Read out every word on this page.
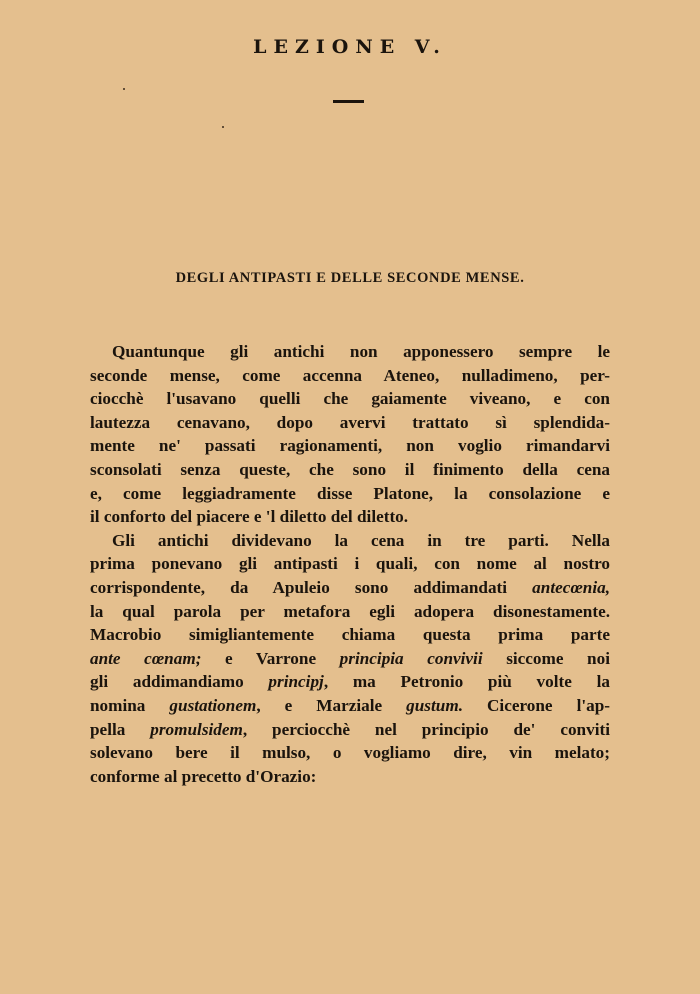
LEZIONE V.
DEGLI ANTIPASTI E DELLE SECONDE MENSE.
Quantunque gli antichi non apponessero sempre le
seconde mense, come accenna Ateneo, nulladimeno, per-
ciocchè l'usavano quelli che gaiamente viveano, e con
lautezza cenavano, dopo avervi trattato sì splendida-
mente ne' passati ragionamenti, non voglio rimandarvi
sconsolati senza queste, che sono il finimento della cena
e, come leggiadramente disse Platone, la consolazione e
il conforto del piacere e 'l diletto del diletto.
Gli antichi dividevano la cena in tre parti. Nella
prima ponevano gli antipasti i quali, con nome al nostro
corrispondente, da Apuleio sono addimandati antecœnia,
la qual parola per metafora egli adopera disonestamente.
Macrobio simigliantemente chiama questa prima parte
ante cœnam; e Varrone principia convivii siccome noi
gli addimandiamo principj, ma Petronio più volte la
nomina gustationem, e Marziale gustum. Cicerone l'ap-
pella promulsidem, perciocchè nel principio de' conviti
solevano bere il mulso, o vogliamo dire, vin melato;
conforme al precetto d'Orazio:
